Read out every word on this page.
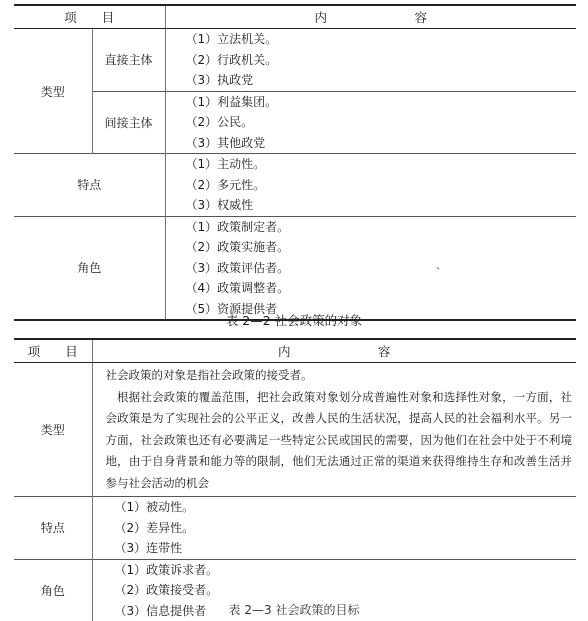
项　　目		内　　　　　　　容
类型	直接主体	（1）立法机关。
（2）行政机关。
（3）执政党

	间接主体	（1）利益集团。
（2）公民。
（3）其他政党

特点		（1）主动性。
（2）多元性。
（3）权威性

角色		（1）政策制定者。
（2）政策实施者。
（3）政策评估者。
（4）政策调整者。
（5）资源提供者
、
表 2—2 社会政策的对象
项　　目	内　　　　　　　容
类型	社会政策的对象是指社会政策的接受者。

根据社会政策的覆盖范围，把社会政策对象划分成普遍性对象和选择性对象，一方面，社会政策是为了实现社会的公平正义，改善人民的生活状况，提高人民的社会福利水平。另一方面，社会政策也还有必要满足一些特定公民或国民的需要，因为他们在社会中处于不利境地，由于自身背景和能力等的限制，他们无法通过正常的渠道来获得维持生存和改善生活并参与社会活动的机会

特点	（1）被动性。
（2）差异性。
（3）连带性

角色	（1）政策诉求者。
（2）政策接受者。
（3）信息提供者	表 2—3 社会政策的目标
